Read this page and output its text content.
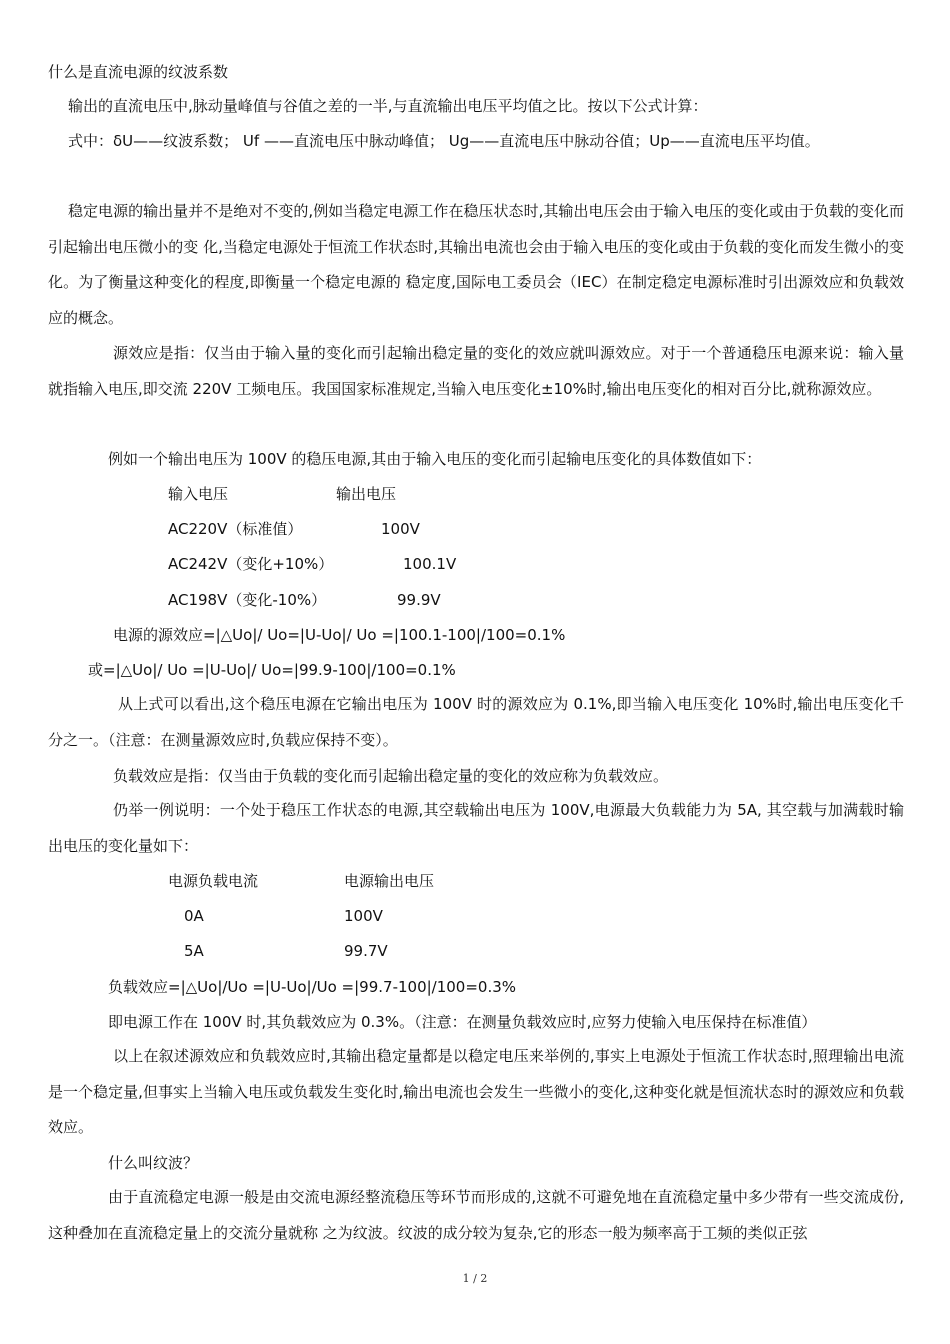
什么是直流电源的纹波系数
输出的直流电压中,脉动量峰值与谷值之差的一半,与直流输出电压平均值之比。按以下公式计算：
式中：δU——纹波系数； Uf ——直流电压中脉动峰值； Ug——直流电压中脉动谷值；Up——直流电压平均值。

稳定电源的输出量并不是绝对不变的,例如当稳定电源工作在稳压状态时,其输出电压会由于输入电压的变化或由于负载的变化而引起输出电压微小的变 化,当稳定电源处于恒流工作状态时,其输出电流也会由于输入电压的变化或由于负载的变化而发生微小的变化。为了衡量这种变化的程度,即衡量一个稳定电源的 稳定度,国际电工委员会（IEC）在制定稳定电源标准时引出源效应和负载效应的概念。

源效应是指：仅当由于输入量的变化而引起输出稳定量的变化的效应就叫源效应。对于一个普通稳压电源来说：输入量就指输入电压,即交流 220V 工频电压。我国国家标准规定,当输入电压变化±10%时,输出电压变化的相对百分比,就称源效应。

例如一个输出电压为 100V 的稳压电源,其由于输入电压的变化而引起输电压变化的具体数值如下：
输入电压	输出电压
AC220V（标准值）	100V
AC242V（变化+10%）	100.1V
AC198V（变化-10%）	99.9V
电源的源效应=|△Uo|/ Uo=|U-Uo|/ Uo =|100.1-100|/100=0.1%
或=|△Uo|/ Uo =|U-Uo|/ Uo=|99.9-100|/100=0.1%

从上式可以看出,这个稳压电源在它输出电压为 100V 时的源效应为 0.1%,即当输入电压变化 10%时,输出电压变化千分之一。（注意：在测量源效应时,负载应保持不变）。

负载效应是指：仅当由于负载的变化而引起输出稳定量的变化的效应称为负载效应。

仍举一例说明：一个处于稳压工作状态的电源,其空载输出电压为 100V,电源最大负载能力为 5A, 其空载与加满载时输出电压的变化量如下：

电源负载电流	电源输出电压
0A	100V
5A	99.7V
负载效应=|△Uo|/Uo =|U-Uo|/Uo =|99.7-100|/100=0.3%
即电源工作在 100V 时,其负载效应为 0.3%。（注意：在测量负载效应时,应努力使输入电压保持在标准值）

以上在叙述源效应和负载效应时,其输出稳定量都是以稳定电压来举例的,事实上电源处于恒流工作状态时,照理输出电流是一个稳定量,但事实上当输入电压或负载发生变化时,输出电流也会发生一些微小的变化,这种变化就是恒流状态时的源效应和负载效应。

什么叫纹波？

由于直流稳定电源一般是由交流电源经整流稳压等环节而形成的,这就不可避免地在直流稳定量中多少带有一些交流成份,这种叠加在直流稳定量上的交流分量就称 之为纹波。纹波的成分较为复杂,它的形态一般为频率高于工频的类似正弦

1 / 2
